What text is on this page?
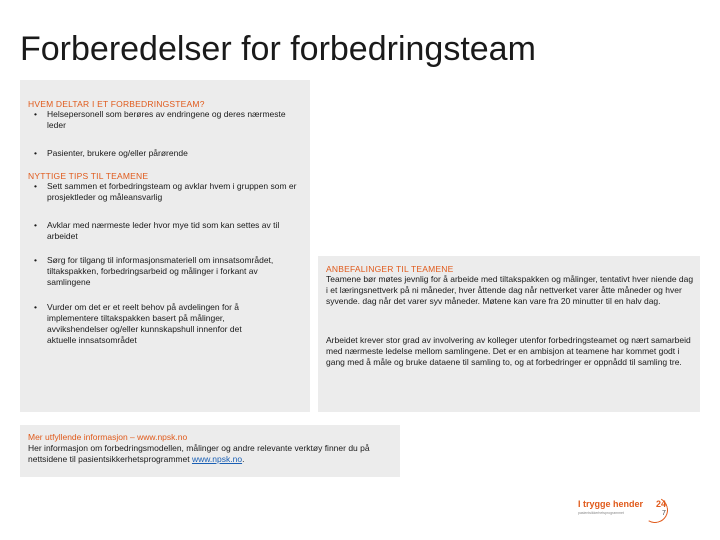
Forberedelser for forbedringsteam
HVEM DELTAR I ET FORBEDRINGSTEAM?
• Helsepersonell som berøres av endringene og deres nærmeste leder
• Pasienter, brukere og/eller pårørende
NYTTIGE TIPS TIL TEAMENE
• Sett sammen et forbedringsteam og avklar hvem i gruppen som er prosjektleder og måleansvarlig
• Avklar med nærmeste leder hvor mye tid som kan settes av til arbeidet
• Sørg for tilgang til informasjonsmateriell om innsatsområdet, tiltakspakken, forbedringsarbeid og målinger i forkant av samlingene
• Vurder om det er et reelt behov på avdelingen for å implementere tiltakspakken basert på målinger, avvikshendelser og/eller kunnskapshull innenfor det aktuelle innsatsområdet
ANBEFALINGER TIL TEAMENE
Teamene bør møtes jevnlig for å arbeide med tiltakspakken og målinger, tentativt hver niende dag i et læringsnettverk på ni måneder, hver åttende dag når nettverket varer åtte måneder og hver syvende. dag når det varer syv måneder. Møtene kan vare fra 20 minutter til en halv dag.
Arbeidet krever stor grad av involvering av kolleger utenfor forbedringsteamet og nært samarbeid med nærmeste ledelse mellom samlingene. Det er en ambisjon at teamene har kommet godt i gang med å måle og bruke dataene til samling to, og at forbedringer er oppnådd til samling tre.
Mer utfyllende informasjon – www.npsk.no
Her informasjon om forbedringsmodellen, målinger og andre relevante verktøy finner du på nettsidene til pasientsikkerhetsprogrammet www.npsk.no.
I trygge hender
pasientsikkerhetsprogrammet
24
7
